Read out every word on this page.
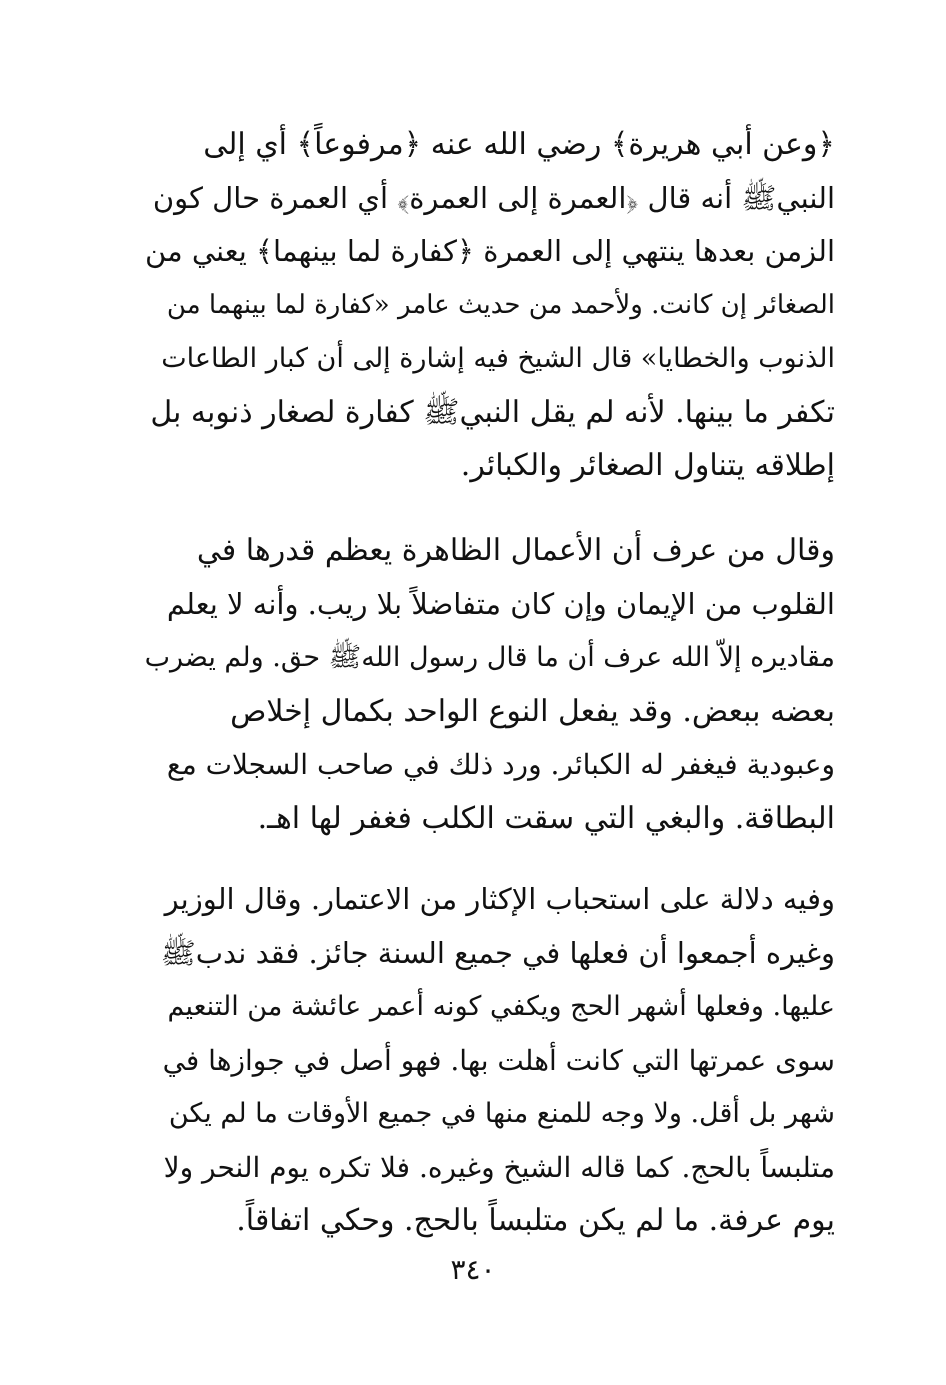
﴿وعن أبي هريرة﴾ رضي الله عنه ﴿مرفوعاً﴾ أي إلى
النبيﷺ أنه قال ﴿العمرة إلى العمرة﴾ أي العمرة حال كون
الزمن بعدها ينتهي إلى العمرة ﴿كفارة لما بينهما﴾ يعني من
الصغائر إن كانت. ولأحمد من حديث عامر «كفارة لما بينهما من
الذنوب والخطايا» قال الشيخ فيه إشارة إلى أن كبار الطاعات
تكفر ما بينها. لأنه لم يقل النبيﷺ كفارة لصغار ذنوبه بل
إطلاقه يتناول الصغائر والكبائر.
وقال من عرف أن الأعمال الظاهرة يعظم قدرها في
القلوب من الإيمان وإن كان متفاضلاً بلا ريب. وأنه لا يعلم
مقاديره إلاّ الله عرف أن ما قال رسول اللهﷺ حق. ولم يضرب
بعضه ببعض. وقد يفعل النوع الواحد بكمال إخلاص
وعبودية فيغفر له الكبائر. ورد ذلك في صاحب السجلات مع
البطاقة. والبغي التي سقت الكلب فغفر لها اهـ.
وفيه دلالة على استحباب الإكثار من الاعتمار. وقال الوزير
وغيره أجمعوا أن فعلها في جميع السنة جائز. فقد ندبﷺ
عليها. وفعلها أشهر الحج ويكفي كونه أعمر عائشة من التنعيم
سوى عمرتها التي كانت أهلت بها. فهو أصل في جوازها في
شهر بل أقل. ولا وجه للمنع منها في جميع الأوقات ما لم يكن
متلبساً بالحج. كما قاله الشيخ وغيره. فلا تكره يوم النحر ولا
يوم عرفة. ما لم يكن متلبساً بالحج. وحكي اتفاقاً.
٣٤٠
